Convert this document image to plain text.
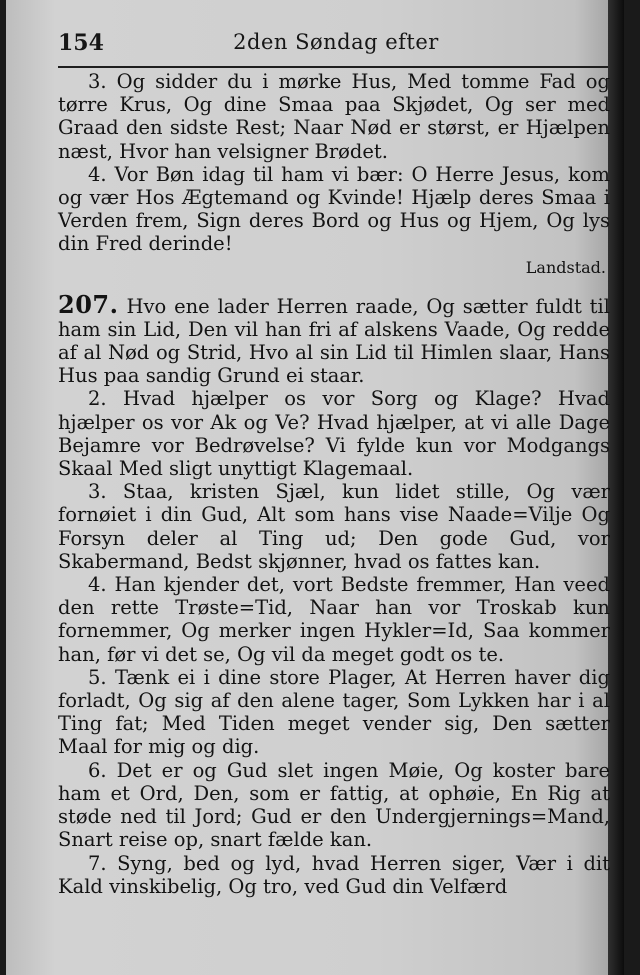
154	2den Søndag efter

3. Og sidder du i mørke Hus, Med tomme Fad og tørre Krus, Og dine Smaa paa Skjødet, Og ser med Graad den sidste Rest; Naar Nød er størst, er Hjælpen næst, Hvor han velsigner Brødet.

4. Vor Bøn idag til ham vi bær: O Herre Jesus, kom og vær Hos Ægtemand og Kvinde! Hjælp deres Smaa i Verden frem, Sign deres Bord og Hus og Hjem, Og lys din Fred derinde!

Landstad.

207. Hvo ene lader Herren raade, Og sætter fuldt til ham sin Lid, Den vil han fri af alskens Vaade, Og redde af al Nød og Strid, Hvo al sin Lid til Himlen slaar, Hans Hus paa sandig Grund ei staar.

2. Hvad hjælper os vor Sorg og Klage? Hvad hjælper os vor Ak og Ve? Hvad hjælper, at vi alle Dage Bejamre vor Bedrøvelse? Vi fylde kun vor Modgangs Skaal Med sligt unyttigt Klagemaal.

3. Staa, kristen Sjæl, kun lidet stille, Og vær fornøiet i din Gud, Alt som hans vise Naade=Vilje Og Forsyn deler al Ting ud; Den gode Gud, vor Skabermand, Bedst skjønner, hvad os fattes kan.

4. Han kjender det, vort Bedste fremmer, Han veed den rette Trøste=Tid, Naar han vor Troskab kun fornemmer, Og merker ingen Hykler=Id, Saa kommer han, før vi det se, Og vil da meget godt os te.

5. Tænk ei i dine store Plager, At Herren haver dig forladt, Og sig af den alene tager, Som Lykken har i al Ting fat; Med Tiden meget vender sig, Den sætter Maal for mig og dig.

6. Det er og Gud slet ingen Møie, Og koster bare ham et Ord, Den, som er fattig, at ophøie, En Rig at støde ned til Jord; Gud er den Undergjernings=Mand, Snart reise op, snart fælde kan.

7. Syng, bed og lyd, hvad Herren siger, Vær i dit Kald vinskibelig, Og tro, ved Gud din Velfærd
